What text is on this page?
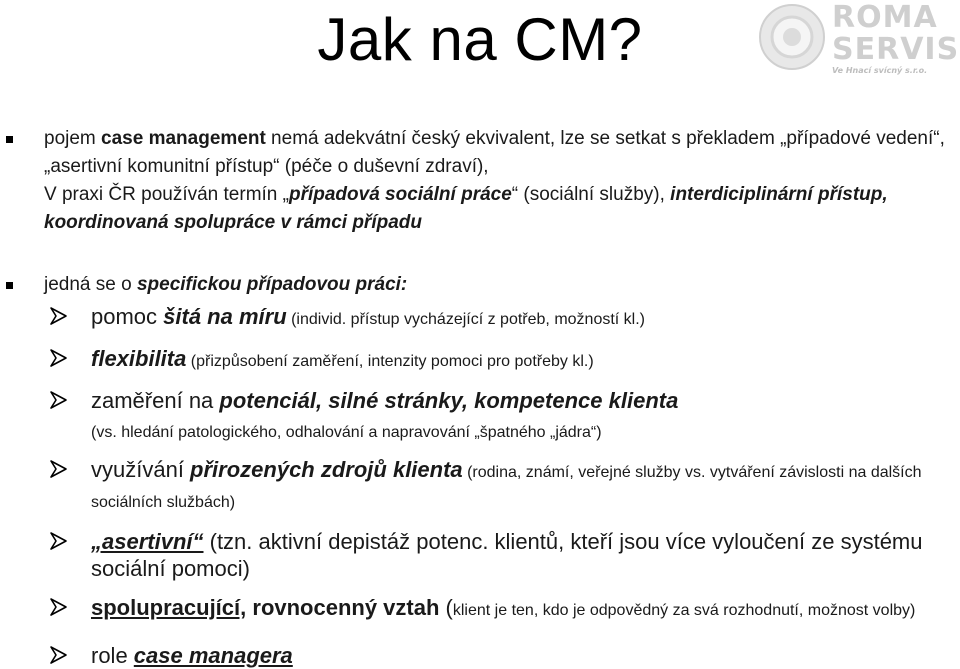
Jak na CM?	ROMA
SERVIS
Ve Hnací svícný s.r.o.
pojem case management nemá adekvátní český ekvivalent, lze se setkat s překladem „případové vedení“, „asertivní komunitní přístup“ (péče o duševní zdraví),
V praxi ČR používán termín „případová sociální práce“ (sociální služby), interdiciplinární přístup, koordinovaná spolupráce v rámci případu
jedná se o specifickou případovou práci:
pomoc šitá na míru (individ. přístup vycházející z potřeb, možností kl.)
flexibilita (přizpůsobení zaměření, intenzity pomoci pro potřeby kl.)
zaměření na potenciál, silné stránky, kompetence klienta
(vs. hledání patologického, odhalování a napravování „špatného „jádra“)
využívání přirozených zdrojů klienta (rodina, známí, veřejné služby vs. vytváření závislosti na dalších sociálních službách)
„asertivní“ (tzn. aktivní depistáž potenc. klientů, kteří jsou více vyloučení ze systému sociální pomoci)
spolupracující, rovnocenný vztah (klient je ten, kdo je odpovědný za svá rozhodnutí, možnost volby)
role case managera
